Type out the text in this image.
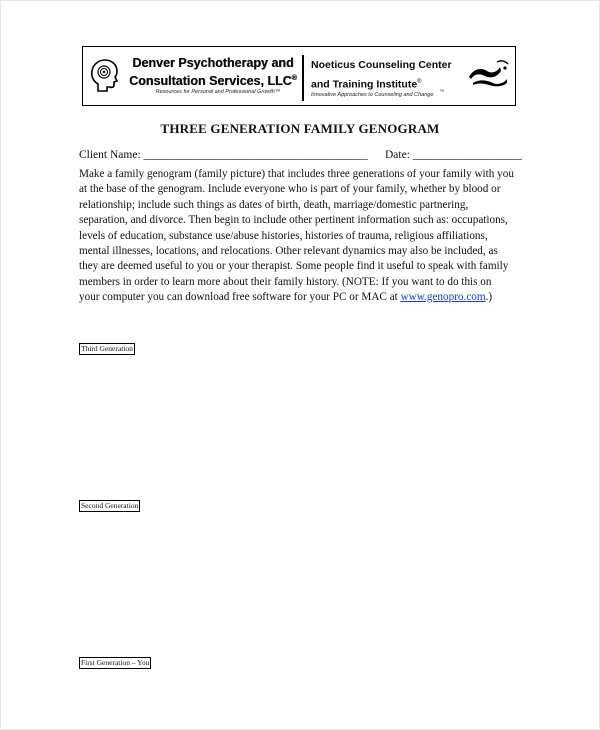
Denver Psychotherapy and
Consultation Services, LLC®
Resources for Personal and Professional Growth™
Noeticus Counseling Center
and Training Institute®
Innovative Approaches to Counseling and Change ™
THREE GENERATION FAMILY GENOGRAM
Client Name: _______________________________________ Date: ___________________
Make a family genogram (family picture) that includes three generations of your family with you
at the base of the genogram. Include everyone who is part of your family, whether by blood or
relationship; include such things as dates of birth, death, marriage/domestic partnering,
separation, and divorce. Then begin to include other pertinent information such as: occupations,
levels of education, substance use/abuse histories, histories of trauma, religious affiliations,
mental illnesses, locations, and relocations. Other relevant dynamics may also be included, as
they are deemed useful to you or your therapist. Some people find it useful to speak with family
members in order to learn more about their family history. (NOTE: If you want to do this on
your computer you can download free software for your PC or MAC at www.genopro.com.)
Third Generation
Second Generation
First Generation – You
